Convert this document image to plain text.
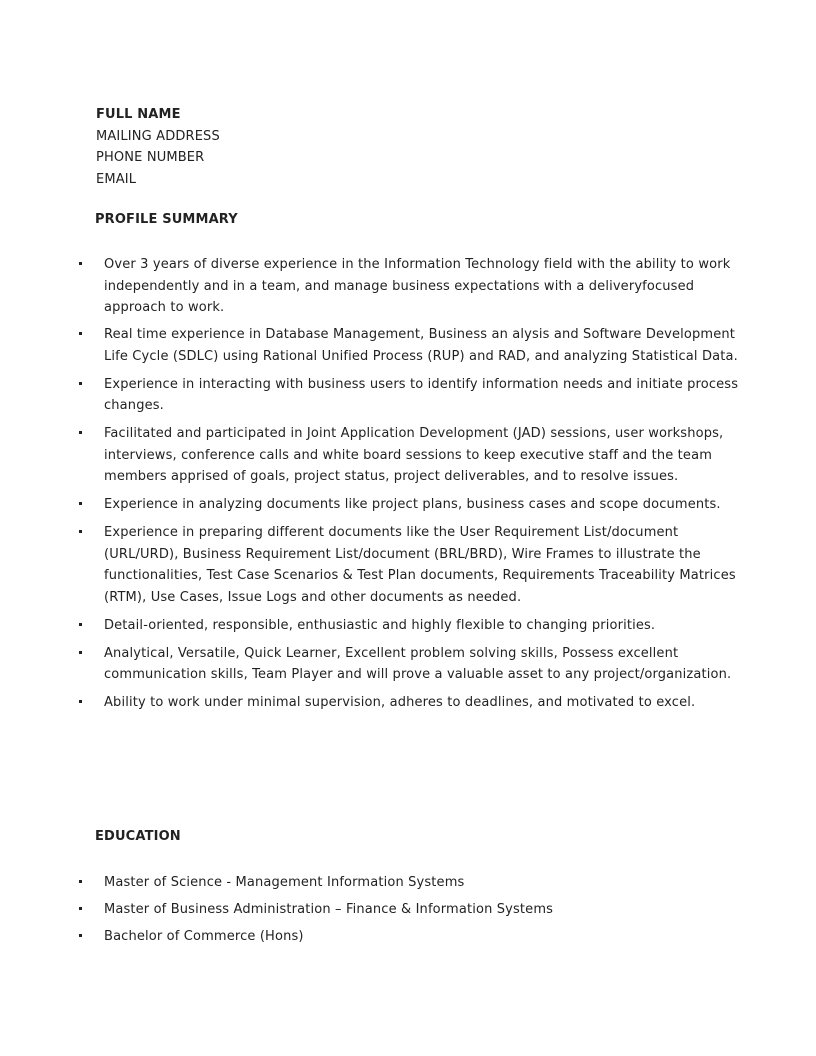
FULL NAME
MAILING ADDRESS
PHONE NUMBER
EMAIL
PROFILE SUMMARY
Over 3 years of diverse experience in the Information Technology field with the ability to work independently and in a team, and manage business expectations with a deliveryfocused approach to work.
Real time experience in Database Management, Business an alysis and Software Development Life Cycle (SDLC) using Rational Unified Process (RUP) and RAD, and analyzing Statistical Data.
Experience in interacting with business users to identify information needs and initiate process changes.
Facilitated and participated in Joint Application Development (JAD) sessions, user workshops, interviews, conference calls and white board sessions to keep executive staff and the team members apprised of goals, project status, project deliverables, and to resolve issues.
Experience in analyzing documents like project plans, business cases and scope documents.
Experience in preparing different documents like the User Requirement List/document (URL/URD), Business Requirement List/document (BRL/BRD), Wire Frames to illustrate the functionalities, Test Case Scenarios & Test Plan documents, Requirements Traceability Matrices (RTM), Use Cases, Issue Logs and other documents as needed.
Detail-oriented, responsible, enthusiastic and highly flexible to changing priorities.
Analytical, Versatile, Quick Learner, Excellent problem solving skills, Possess excellent communication skills, Team Player and will prove a valuable asset to any project/organization.
Ability to work under minimal supervision, adheres to deadlines, and motivated to excel.
EDUCATION
Master of Science - Management Information Systems
Master of Business Administration – Finance & Information Systems
Bachelor of Commerce (Hons)
